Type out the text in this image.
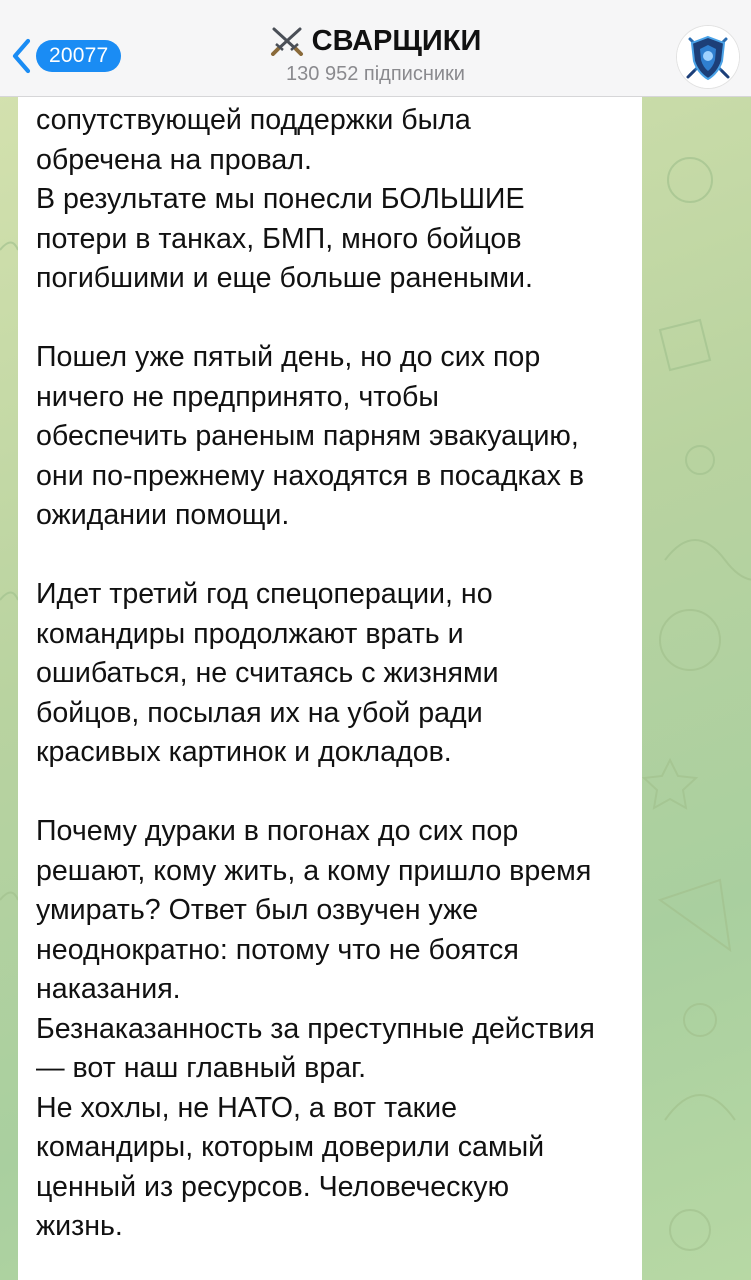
сопутствующей поддержки была
обречена на провал.
В результате мы понесли БОЛЬШИЕ
потери в танках, БМП, много бойцов
погибшими и еще больше ранеными.

Пошел уже пятый день, но до сих пор
ничего не предпринято, чтобы
обеспечить раненым парням эвакуацию,
они по-прежнему находятся в посадках в
ожидании помощи.

Идет третий год спецоперации, но
командиры продолжают врать и
ошибаться, не считаясь с жизнями
бойцов, посылая их на убой ради
красивых картинок и докладов.

Почему дураки в погонах до сих пор
решают, кому жить, а кому пришло время
умирать? Ответ был озвучен уже
неоднократно: потому что не боятся
наказания.
Безнаказанность за преступные действия
— вот наш главный враг.
Не хохлы, не НАТО, а вот такие
командиры, которым доверили самый
ценный из ресурсов. Человеческую
жизнь.

20077	СВАРЩИКИ
130 952 підписники
